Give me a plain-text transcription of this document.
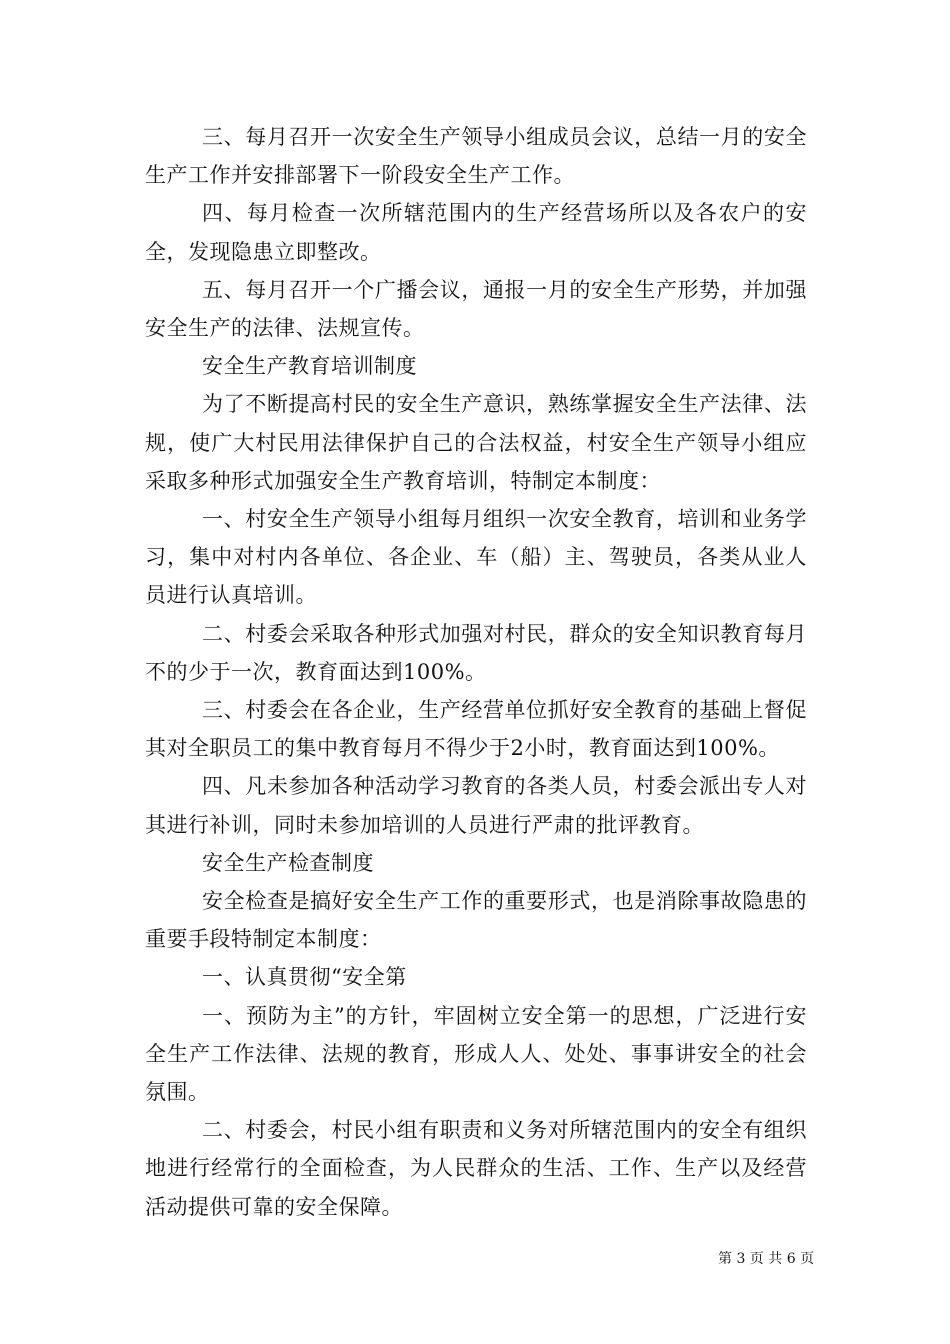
三、每月召开一次安全生产领导小组成员会议，总结一月的安全生产工作并安排部署下一阶段安全生产工作。

四、每月检查一次所辖范围内的生产经营场所以及各农户的安全，发现隐患立即整改。

五、每月召开一个广播会议，通报一月的安全生产形势，并加强安全生产的法律、法规宣传。

安全生产教育培训制度

为了不断提高村民的安全生产意识，熟练掌握安全生产法律、法规，使广大村民用法律保护自己的合法权益，村安全生产领导小组应采取多种形式加强安全生产教育培训，特制定本制度：

一、村安全生产领导小组每月组织一次安全教育，培训和业务学习，集中对村内各单位、各企业、车（船）主、驾驶员，各类从业人员进行认真培训。

二、村委会采取各种形式加强对村民，群众的安全知识教育每月不的少于一次，教育面达到100%。

三、村委会在各企业，生产经营单位抓好安全教育的基础上督促其对全职员工的集中教育每月不得少于2小时，教育面达到100%。

四、凡未参加各种活动学习教育的各类人员，村委会派出专人对其进行补训，同时未参加培训的人员进行严肃的批评教育。

安全生产检查制度

安全检查是搞好安全生产工作的重要形式，也是消除事故隐患的重要手段特制定本制度：

一、认真贯彻“安全第

一、预防为主”的方针，牢固树立安全第一的思想，广泛进行安全生产工作法律、法规的教育，形成人人、处处、事事讲安全的社会氛围。

二、村委会，村民小组有职责和义务对所辖范围内的安全有组织地进行经常行的全面检查，为人民群众的生活、工作、生产以及经营活动提供可靠的安全保障。

第 3 页 共 6 页
